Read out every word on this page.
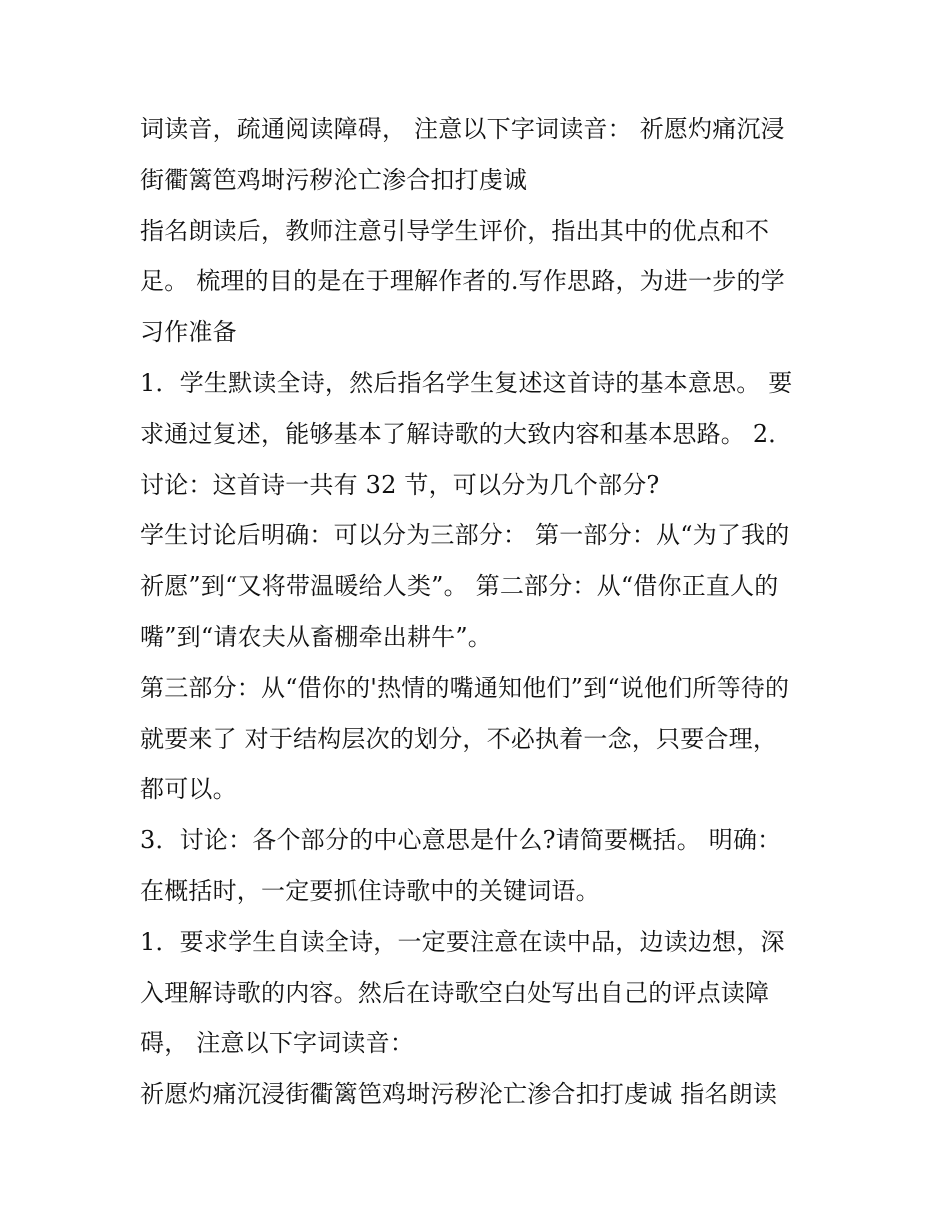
词读音，疏通阅读障碍， 注意以下字词读音： 祈愿灼痛沉浸
街衢篱笆鸡埘污秽沦亡渗合扣打虔诚
指名朗读后，教师注意引导学生评价，指出其中的优点和不
足。 梳理的目的是在于理解作者的.写作思路，为进一步的学
习作准备
1．学生默读全诗，然后指名学生复述这首诗的基本意思。 要
求通过复述，能够基本了解诗歌的大致内容和基本思路。 2．
讨论：这首诗一共有 32 节，可以分为几个部分?
学生讨论后明确：可以分为三部分： 第一部分：从“为了我的
祈愿”到“又将带温暖给人类”。 第二部分：从“借你正直人的
嘴”到“请农夫从畜棚牵出耕牛”。
第三部分：从“借你的'热情的嘴通知他们”到“说他们所等待的
就要来了 对于结构层次的划分，不必执着一念，只要合理，
都可以。
3．讨论：各个部分的中心意思是什么?请简要概括。 明确：
在概括时，一定要抓住诗歌中的关键词语。
1．要求学生自读全诗，一定要注意在读中品，边读边想，深
入理解诗歌的内容。然后在诗歌空白处写出自己的评点读障
碍， 注意以下字词读音：
祈愿灼痛沉浸街衢篱笆鸡埘污秽沦亡渗合扣打虔诚 指名朗读
